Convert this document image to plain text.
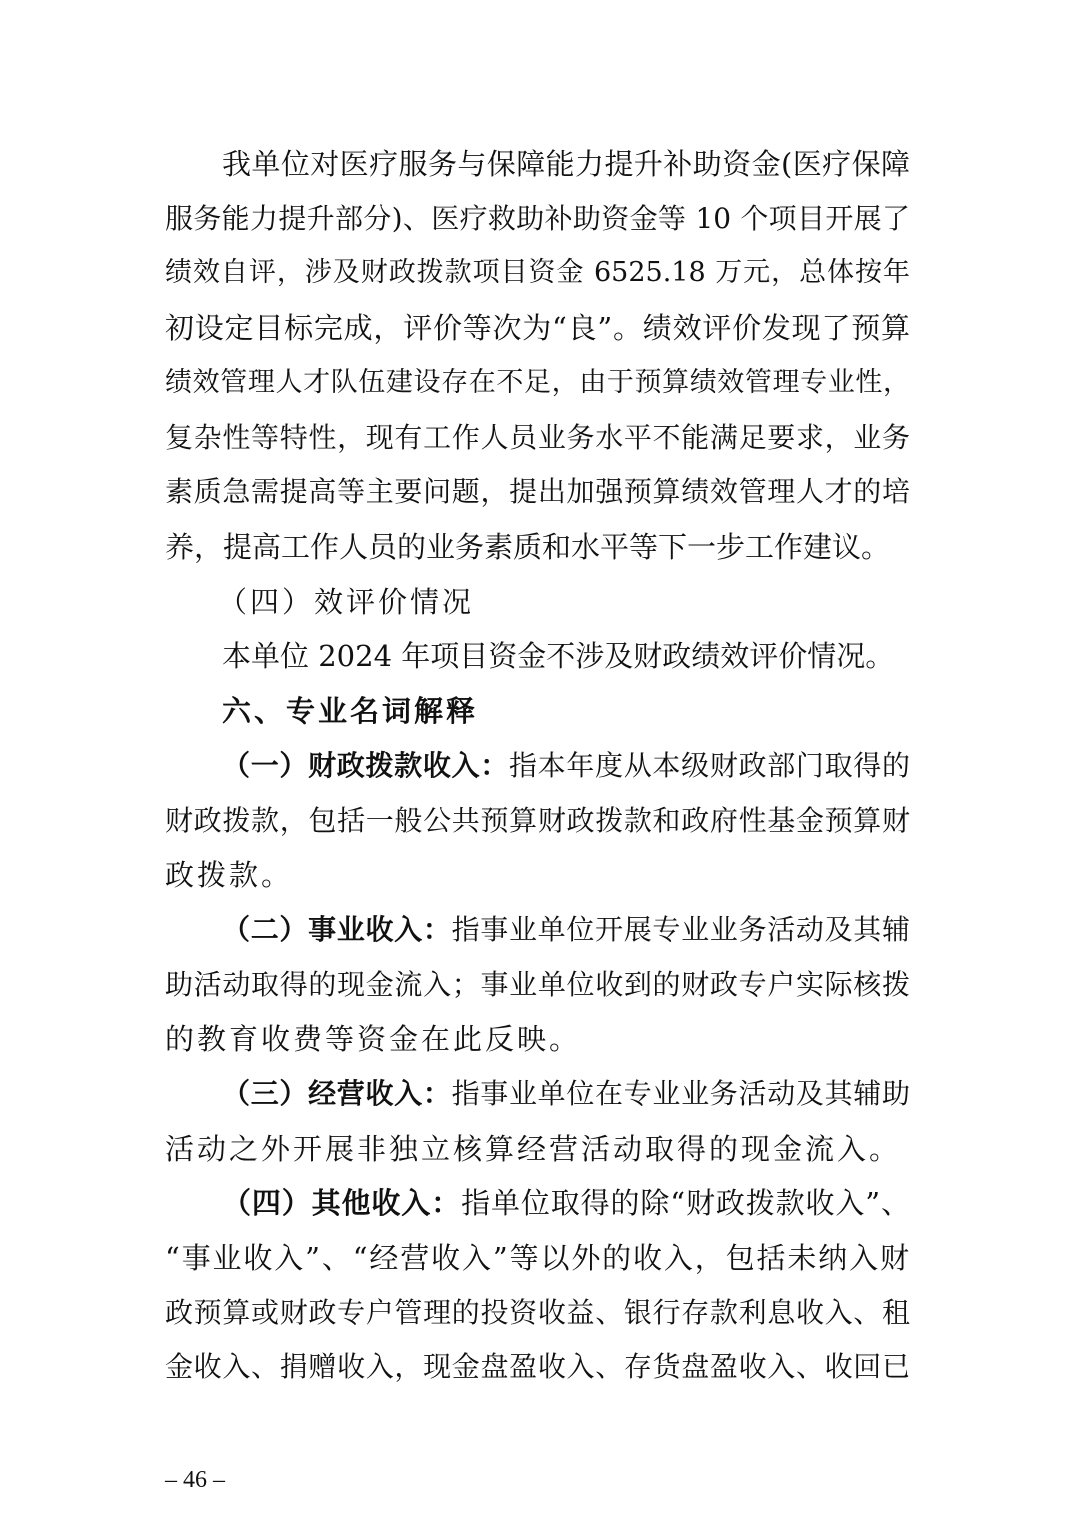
我单位对医疗服务与保障能力提升补助资金(医疗保障
服务能力提升部分)、医疗救助补助资金等 10 个项目开展了
绩效自评，涉及财政拨款项目资金 6525.18 万元，总体按年
初设定目标完成，评价等次为“良”。绩效评价发现了预算
绩效管理人才队伍建设存在不足，由于预算绩效管理专业性，
复杂性等特性，现有工作人员业务水平不能满足要求，业务
素质急需提高等主要问题，提出加强预算绩效管理人才的培
养，提高工作人员的业务素质和水平等下一步工作建议。
（四）效评价情况
本单位 2024 年项目资金不涉及财政绩效评价情况。
六、专业名词解释
（一）财政拨款收入：指本年度从本级财政部门取得的
财政拨款，包括一般公共预算财政拨款和政府性基金预算财
政拨款。
（二）事业收入：指事业单位开展专业业务活动及其辅
助活动取得的现金流入；事业单位收到的财政专户实际核拨
的教育收费等资金在此反映。
（三）经营收入：指事业单位在专业业务活动及其辅助
活动之外开展非独立核算经营活动取得的现金流入。
（四）其他收入：指单位取得的除“财政拨款收入”、
“事业收入”、“经营收入”等以外的收入，包括未纳入财
政预算或财政专户管理的投资收益、银行存款利息收入、租
金收入、捐赠收入，现金盘盈收入、存货盘盈收入、收回已
– 46 –
